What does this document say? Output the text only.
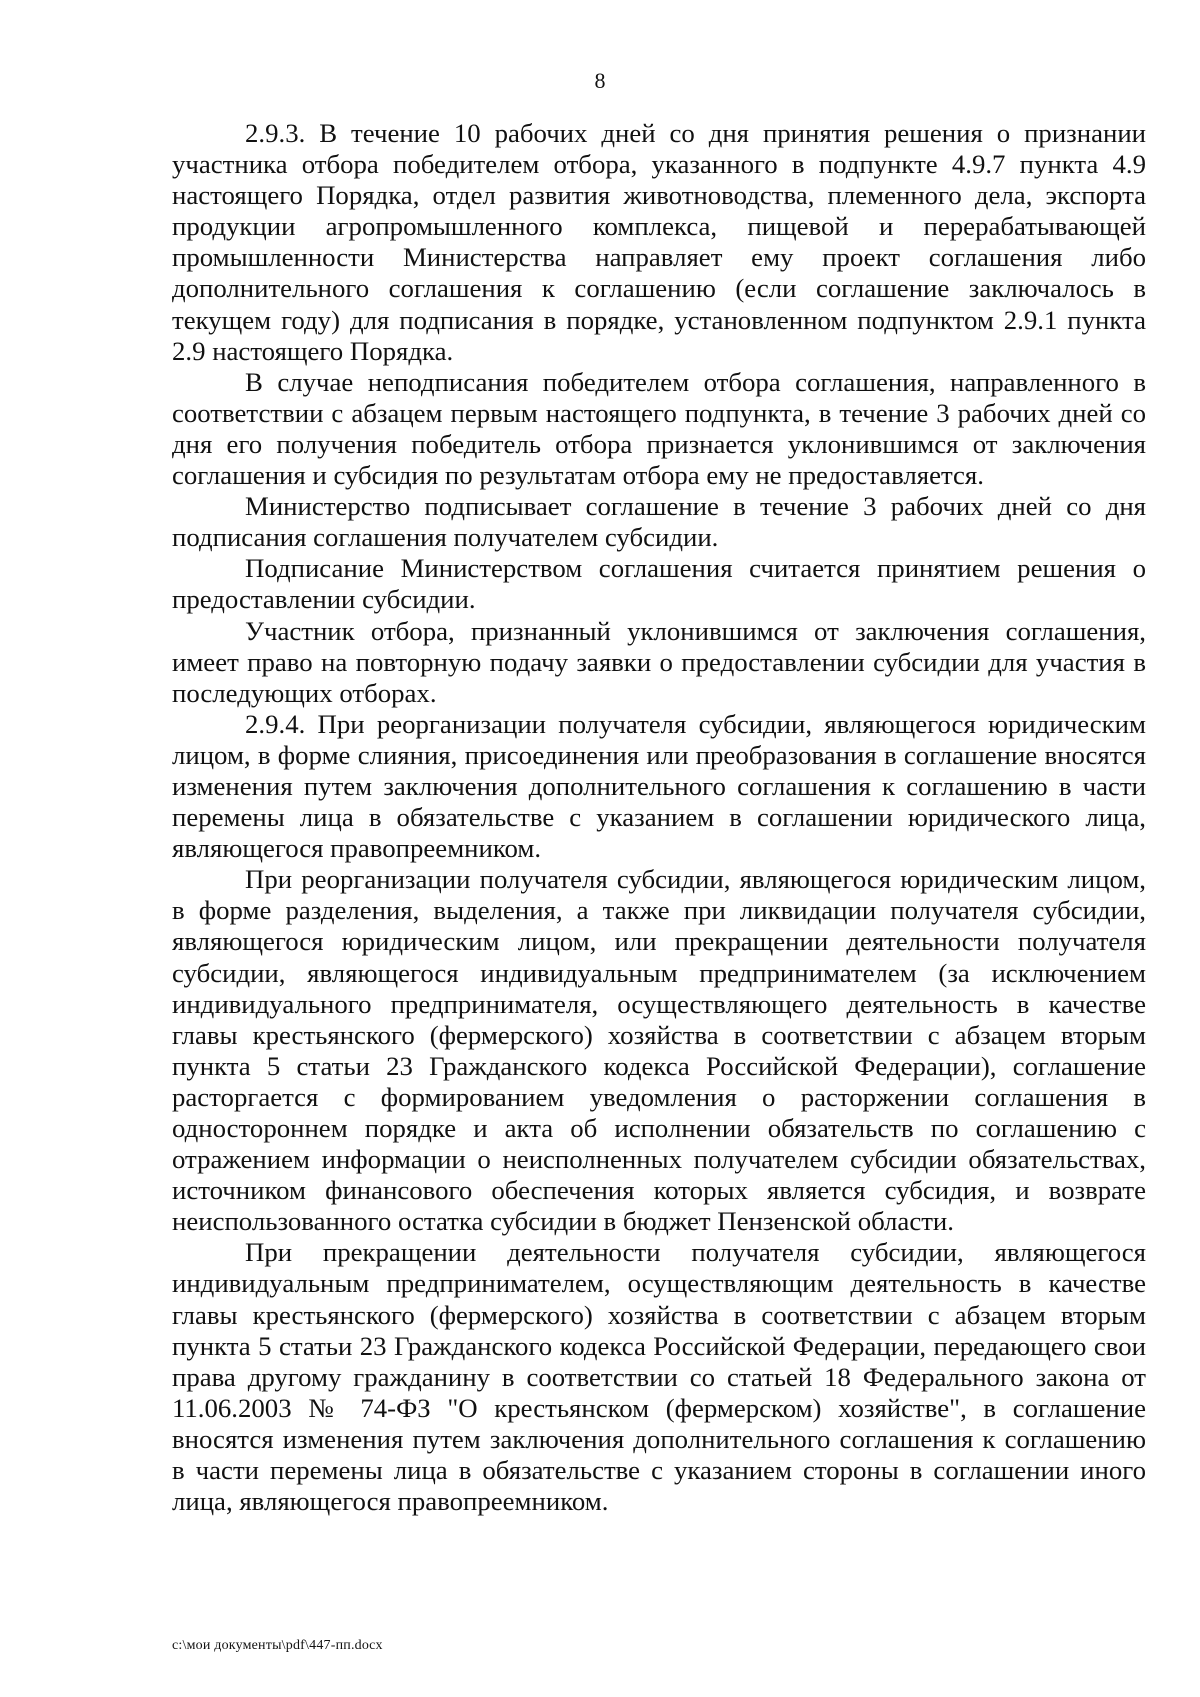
8

2.9.3. В течение 10 рабочих дней со дня принятия решения о признании участника отбора победителем отбора, указанного в подпункте 4.9.7 пункта 4.9 настоящего Порядка, отдел развития животноводства, племенного дела, экспорта продукции агропромышленного комплекса, пищевой и перерабатывающей промышленности Министерства направляет ему проект соглашения либо дополнительного соглашения к соглашению (если соглашение заключалось в текущем году) для подписания в порядке, установленном подпунктом 2.9.1 пункта 2.9 настоящего Порядка.

В случае неподписания победителем отбора соглашения, направленного в соответствии с абзацем первым настоящего подпункта, в течение 3 рабочих дней со дня его получения победитель отбора признается уклонившимся от заключения соглашения и субсидия по результатам отбора ему не предоставляется.

Министерство подписывает соглашение в течение 3 рабочих дней со дня подписания соглашения получателем субсидии.

Подписание Министерством соглашения считается принятием решения о предоставлении субсидии.

Участник отбора, признанный уклонившимся от заключения соглашения, имеет право на повторную подачу заявки о предоставлении субсидии для участия в последующих отборах.

2.9.4. При реорганизации получателя субсидии, являющегося юридическим лицом, в форме слияния, присоединения или преобразования в соглашение вносятся изменения путем заключения дополнительного соглашения к соглашению в части перемены лица в обязательстве с указанием в соглашении юридического лица, являющегося правопреемником.

При реорганизации получателя субсидии, являющегося юридическим лицом, в форме разделения, выделения, а также при ликвидации получателя субсидии, являющегося юридическим лицом, или прекращении деятельности получателя субсидии, являющегося индивидуальным предпринимателем (за исключением индивидуального предпринимателя, осуществляющего деятельность в качестве главы крестьянского (фермерского) хозяйства в соответствии с абзацем вторым пункта 5 статьи 23 Гражданского кодекса Российской Федерации), соглашение расторгается с формированием уведомления о расторжении соглашения в одностороннем порядке и акта об исполнении обязательств по соглашению с отражением информации о неисполненных получателем субсидии обязательствах, источником финансового обеспечения которых является субсидия, и возврате неиспользованного остатка субсидии в бюджет Пензенской области.

При прекращении деятельности получателя субсидии, являющегося индивидуальным предпринимателем, осуществляющим деятельность в качестве главы крестьянского (фермерского) хозяйства в соответствии с абзацем вторым пункта 5 статьи 23 Гражданского кодекса Российской Федерации, передающего свои права другому гражданину в соответствии со статьей 18 Федерального закона от 11.06.2003 № 74-ФЗ "О крестьянском (фермерском) хозяйстве", в соглашение вносятся изменения путем заключения дополнительного соглашения к соглашению в части перемены лица в обязательстве с указанием стороны в соглашении иного лица, являющегося правопреемником.

c:\мои документы\pdf\447-пп.docx
